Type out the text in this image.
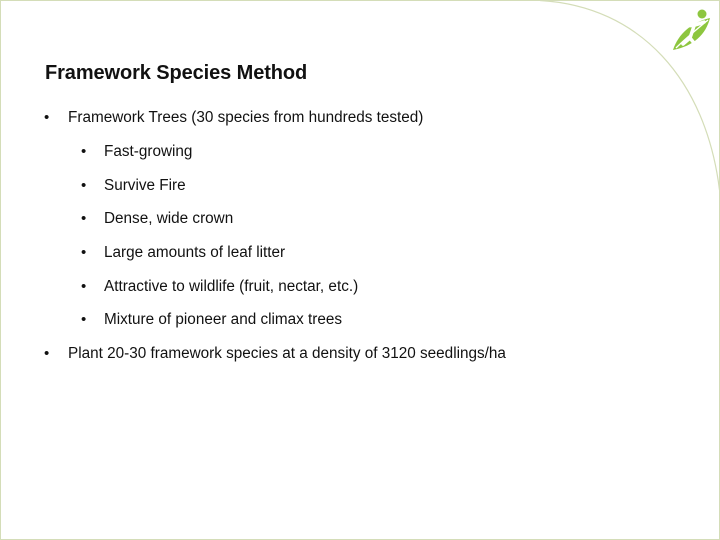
Framework Species Method
• Framework Trees (30 species from hundreds tested)
• Fast-growing
• Survive Fire
• Dense, wide crown
• Large amounts of leaf litter
• Attractive to wildlife (fruit, nectar, etc.)
• Mixture of pioneer and climax trees
• Plant 20-30 framework species at a density of 3120 seedlings/ha
